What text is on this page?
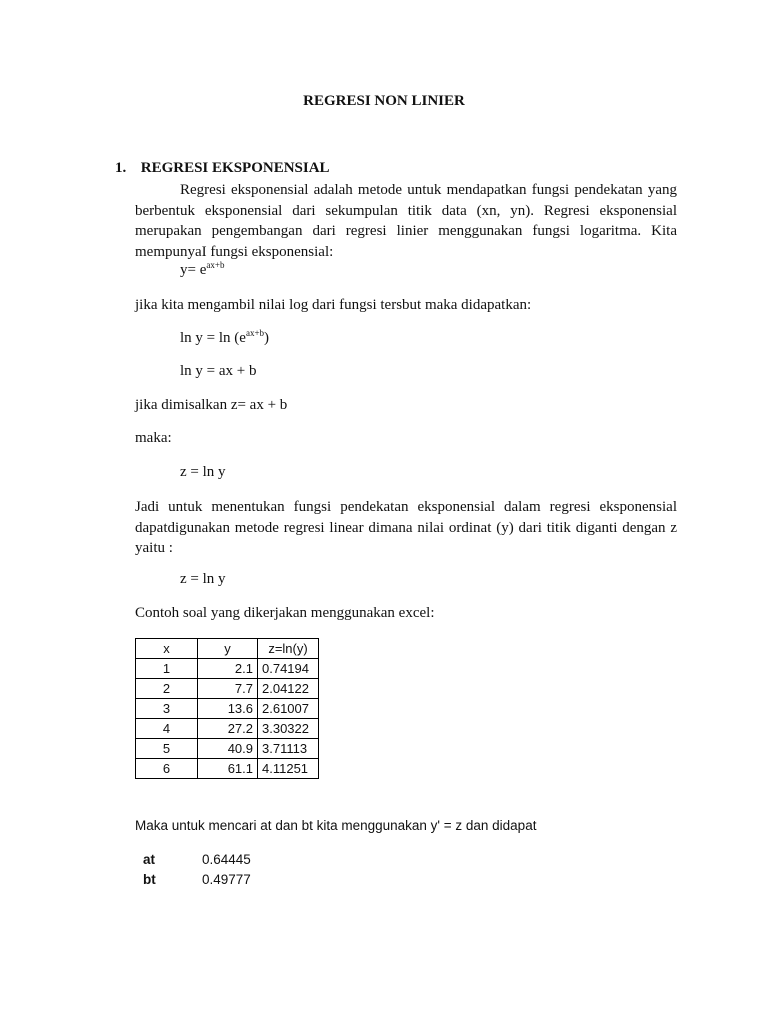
REGRESI NON LINIER
1. REGRESI EKSPONENSIAL
Regresi eksponensial adalah metode untuk mendapatkan fungsi pendekatan yang berbentuk eksponensial dari sekumpulan titik data (xn, yn). Regresi eksponensial merupakan pengembangan dari regresi linier menggunakan fungsi logaritma. Kita mempunyaI fungsi eksponensial:
$y= e^{ax+b}$
jika kita mengambil nilai log dari fungsi tersbut maka didapatkan:
$\ln y = \ln (e^{ax+b})$
ln y = ax + b
jika dimisalkan z= ax + b
maka:
z = ln y
Jadi untuk menentukan fungsi pendekatan eksponensial dalam regresi eksponensial dapatdigunakan metode regresi linear dimana nilai ordinat (y) dari titik diganti dengan z yaitu :
z = ln y
Contoh soal yang dikerjakan menggunakan excel:
x	y	z=ln(y)
1	2.1	0.74194
2	7.7	2.04122
3	13.6	2.61007
4	27.2	3.30322
5	40.9	3.71113
6	61.1	4.11251
Maka untuk mencari at dan bt kita menggunakan y' = z dan didapat
at	0.64445
bt	0.49777
